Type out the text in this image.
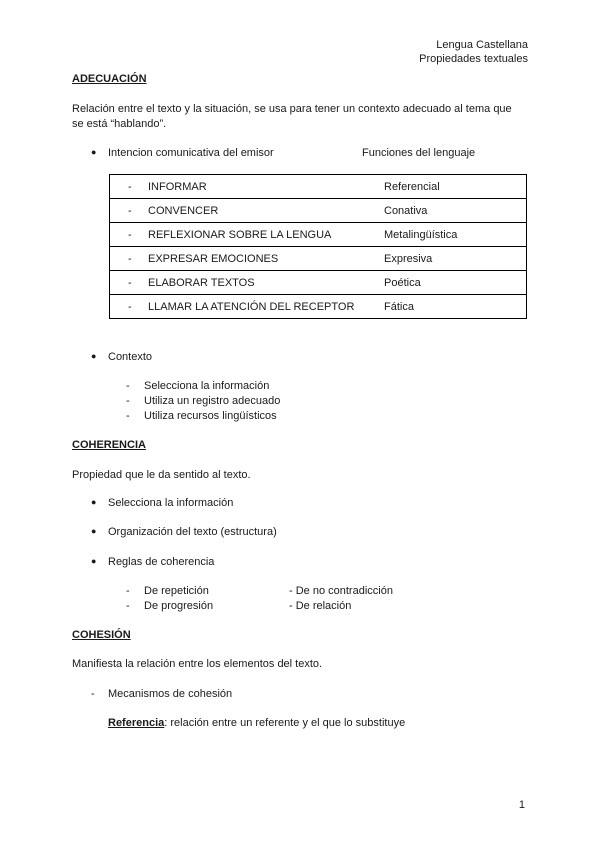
Lengua Castellana
Propiedades textuales
ADECUACIÓN
Relación entre el texto y la situación, se usa para tener un contexto adecuado al tema que
se está “hablando”.
● Intencion comunicativa del emisor	Funciones del lenguaje
-	INFORMAR	Referencial
-	CONVENCER	Conativa
-	REFLEXIONAR SOBRE LA LENGUA	Metalingüística
-	EXPRESAR EMOCIONES	Expresiva
-	ELABORAR TEXTOS	Poética
-	LLAMAR LA ATENCIÓN DEL RECEPTOR	Fática
● Contexto
- Selecciona la información
- Utiliza un registro adecuado
- Utiliza recursos lingüísticos
COHERENCIA
Propiedad que le da sentido al texto.
● Selecciona la información
● Organización del texto (estructura)
● Reglas de coherencia
- De repetición	- De no contradicción
- De progresión	- De relación
COHESIÓN
Manifiesta la relación entre los elementos del texto.
- Mecanismos de cohesión
Referencia: relación entre un referente y el que lo substituye
1
